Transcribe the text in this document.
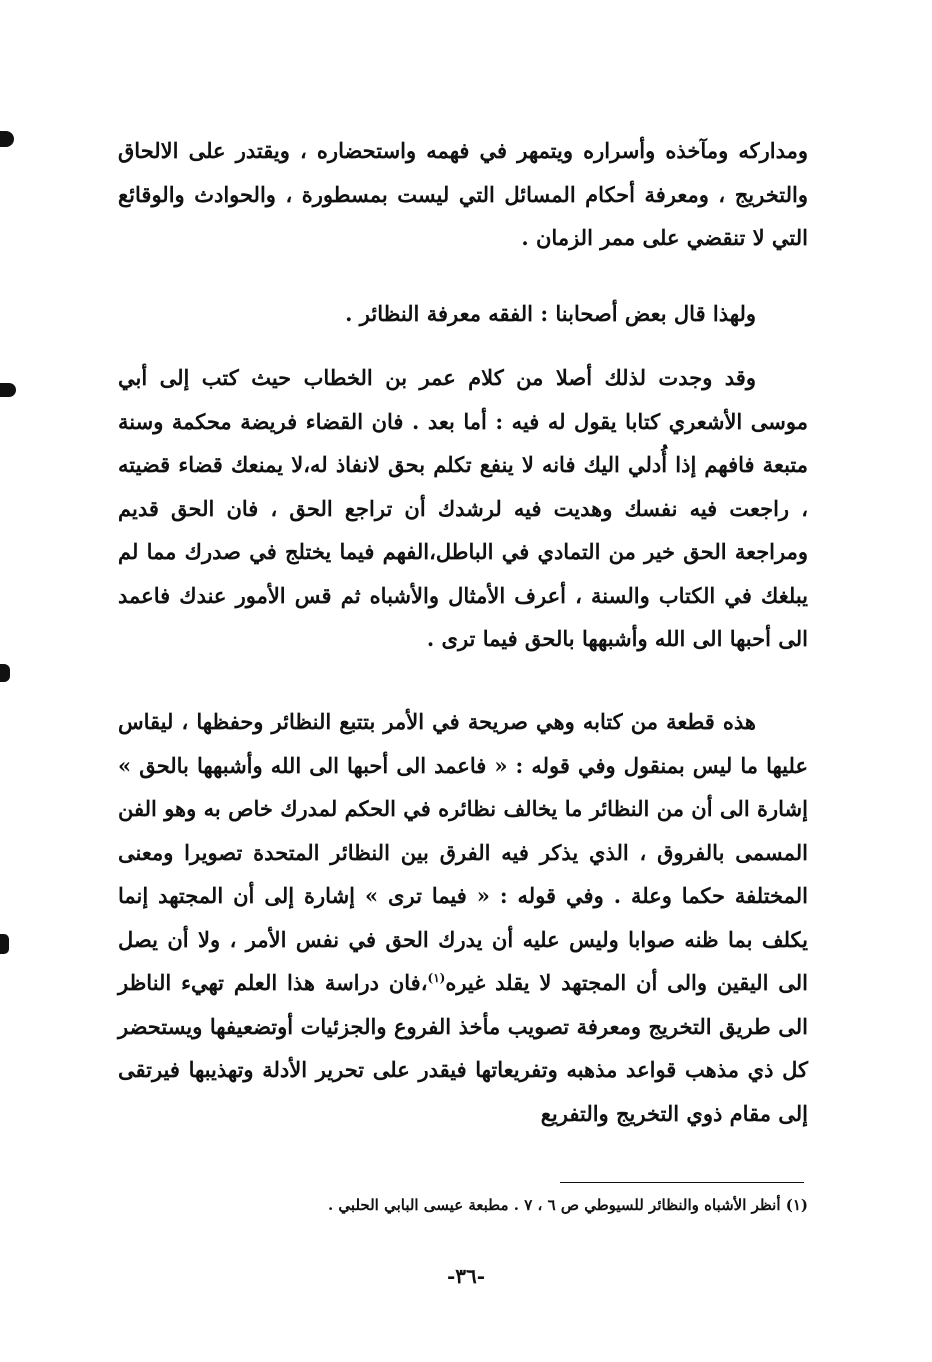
ومداركه ومآخذه وأسراره ويتمهر في فهمه واستحضاره ، ويقتدر على الالحاق والتخريج ، ومعرفة أحكام المسائل التي ليست بمسطورة ، والحوادث والوقائع التي لا تنقضي على ممر الزمان .

ولهذا قال بعض أصحابنا : الفقه معرفة النظائر .

وقد وجدت لذلك أصلا من كلام عمر بن الخطاب حيث كتب إلى أبي موسى الأشعري كتابا يقول له فيه : أما بعد . فان القضاء فريضة محكمة وسنة متبعة فافهم إذا أُدلي اليك فانه لا ينفع تكلم بحق لانفاذ له،لا يمنعك قضاء قضيته ، راجعت فيه نفسك وهديت فيه لرشدك أن تراجع الحق ، فان الحق قديم ومراجعة الحق خير من التمادي في الباطل،الفهم فيما يختلج في صدرك مما لم يبلغك في الكتاب والسنة ، أعرف الأمثال والأشباه ثم قس الأمور عندك فاعمد الى أحبها الى الله وأشبهها بالحق فيما ترى .

هذه قطعة من كتابه وهي صريحة في الأمر بتتبع النظائر وحفظها ، ليقاس عليها ما ليس بمنقول وفي قوله : « فاعمد الى أحبها الى الله وأشبهها بالحق » إشارة الى أن من النظائر ما يخالف نظائره في الحكم لمدرك خاص به وهو الفن المسمى بالفروق ، الذي يذكر فيه الفرق بين النظائر المتحدة تصويرا ومعنى المختلفة حكما وعلة . وفي قوله : « فيما ترى » إشارة إلى أن المجتهد إنما يكلف بما ظنه صوابا وليس عليه أن يدرك الحق في نفس الأمر ، ولا أن يصل الى اليقين والى أن المجتهد لا يقلد غيره$^{(١)}$،فان دراسة هذا العلم تهيء الناظر الى طريق التخريج ومعرفة تصويب مأخذ الفروع والجزئيات أوتضعيفها ويستحضر كل ذي مذهب قواعد مذهبه وتفريعاتها فيقدر على تحرير الأدلة وتهذيبها فيرتقى إلى مقام ذوي التخريج والتفريع

(١) أنظر الأشباه والنظائر للسيوطي ص ٦ ، ٧ . مطبعة عيسى البابي الحلبي .
-٣٦-
